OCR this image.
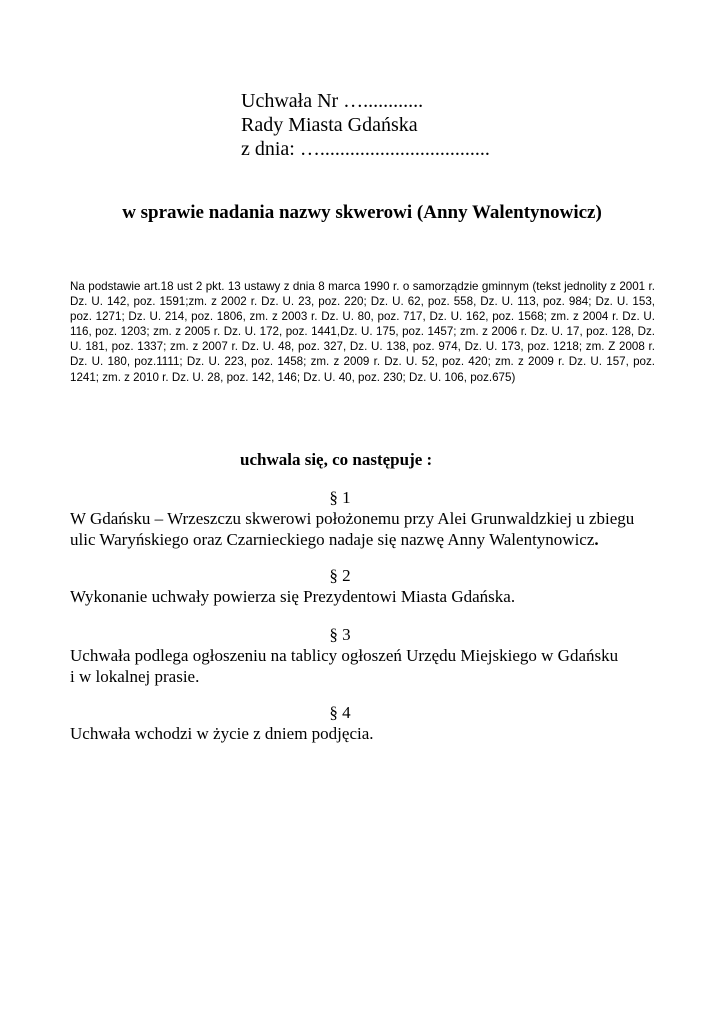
Uchwała Nr …............
Rady Miasta Gdańska
z dnia: …..................................
w sprawie nadania nazwy skwerowi (Anny Walentynowicz)
Na podstawie art.18 ust 2 pkt. 13 ustawy z dnia 8 marca 1990 r. o samorządzie gminnym (tekst jednolity z 2001 r. Dz. U. 142, poz. 1591;zm. z 2002 r. Dz. U. 23, poz. 220; Dz. U. 62, poz. 558, Dz. U. 113, poz. 984; Dz. U. 153, poz. 1271; Dz. U. 214, poz. 1806, zm. z 2003 r. Dz. U. 80, poz. 717, Dz. U. 162, poz. 1568; zm. z 2004 r. Dz. U. 116, poz. 1203; zm. z 2005 r. Dz. U. 172, poz. 1441,Dz. U. 175, poz. 1457; zm. z 2006 r. Dz. U. 17, poz. 128, Dz. U. 181, poz. 1337; zm. z 2007 r. Dz. U. 48, poz. 327, Dz. U. 138, poz. 974, Dz. U. 173, poz. 1218; zm. Z 2008 r. Dz. U. 180, poz.1111; Dz. U. 223, poz. 1458; zm. z 2009 r. Dz. U. 52, poz. 420; zm. z 2009 r. Dz. U. 157, poz. 1241; zm. z 2010 r. Dz. U. 28, poz. 142, 146; Dz. U. 40, poz. 230; Dz. U. 106, poz.675)
uchwala się, co następuje :
§ 1
W Gdańsku – Wrzeszczu skwerowi położonemu przy Alei Grunwaldzkiej u zbiegu
ulic Waryńskiego oraz Czarnieckiego nadaje się nazwę Anny Walentynowicz.
§ 2
Wykonanie uchwały powierza się Prezydentowi Miasta Gdańska.
§ 3
Uchwała podlega ogłoszeniu na tablicy ogłoszeń Urzędu Miejskiego w Gdańsku
i w lokalnej prasie.
§ 4
Uchwała wchodzi w życie z dniem podjęcia.
